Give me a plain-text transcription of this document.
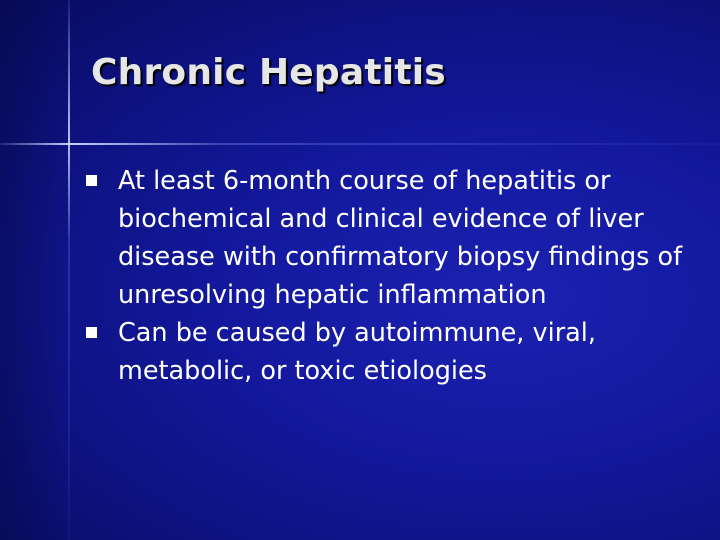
Chronic Hepatitis
At least 6-month course of hepatitis or biochemical and clinical evidence of liver disease with confirmatory biopsy findings of unresolving hepatic inflammation
Can be caused by autoimmune, viral, metabolic, or toxic etiologies
